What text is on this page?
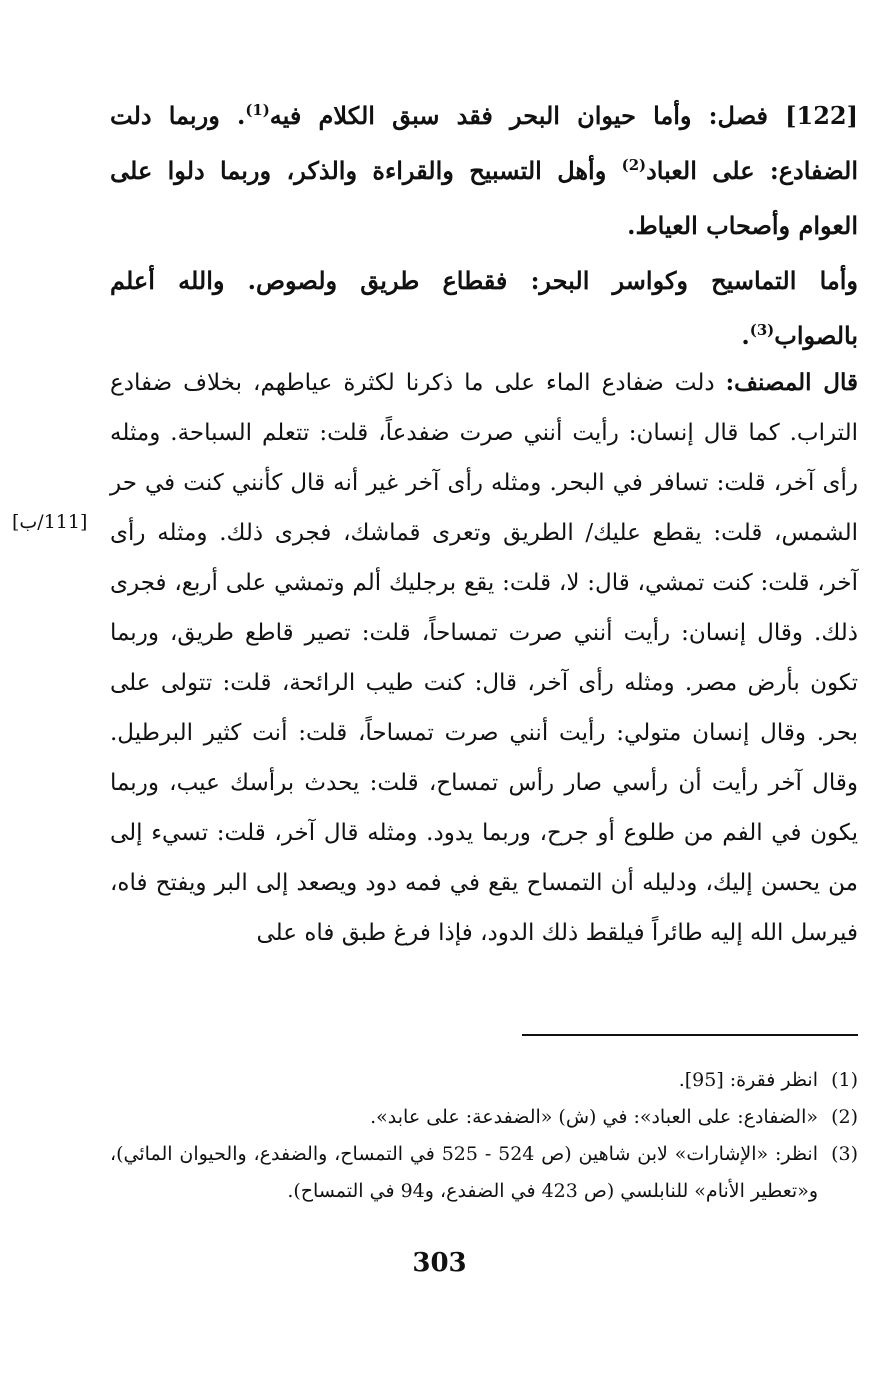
[122] فصل: وأما حيوان البحر فقد سبق الكلام فيه$^{(1)}$. وربما دلت الضفادع: على العباد$^{(2)}$ وأهل التسبيح والقراءة والذكر، وربما دلوا على العوام وأصحاب العياط.

وأما التماسيح وكواسر البحر: فقطاع طريق ولصوص. والله أعلم بالصواب$^{(3)}$.

قال المصنف: دلت ضفادع الماء على ما ذكرنا لكثرة عياطهم، بخلاف ضفادع التراب. كما قال إنسان: رأيت أنني صرت ضفدعاً، قلت: تتعلم السباحة. ومثله رأى آخر، قلت: تسافر في البحر. ومثله رأى آخر غير أنه قال كأنني كنت في حر الشمس، قلت: يقطع عليك/ الطريق وتعرى قماشك، فجرى ذلك. ومثله رأى آخر، قلت: كنت تمشي، قال: لا، قلت: يقع برجليك ألم وتمشي على أربع، فجرى ذلك. وقال إنسان: رأيت أنني صرت تمساحاً، قلت: تصير قاطع طريق، وربما تكون بأرض مصر. ومثله رأى آخر، قال: كنت طيب الرائحة، قلت: تتولى على بحر. وقال إنسان متولي: رأيت أنني صرت تمساحاً، قلت: أنت كثير البرطيل. وقال آخر رأيت أن رأسي صار رأس تمساح، قلت: يحدث برأسك عيب، وربما يكون في الفم من طلوع أو جرح، وربما يدود. ومثله قال آخر، قلت: تسيء إلى من يحسن إليك، ودليله أن التمساح يقع في فمه دود ويصعد إلى البر ويفتح فاه، فيرسل الله إليه طائراً فيلقط ذلك الدود، فإذا فرغ طبق فاه على

[111/ب]
(1)
انظر فقرة: [95].
(2)
«الضفادع: على العباد»: في (ش) «الضفدعة: على عابد».
(3)
انظر: «الإشارات» لابن شاهين (ص 524 - 525 في التمساح، والضفدع، والحيوان المائي)، و«تعطير الأنام» للنابلسي (ص 423 في الضفدع، و94 في التمساح).
303
